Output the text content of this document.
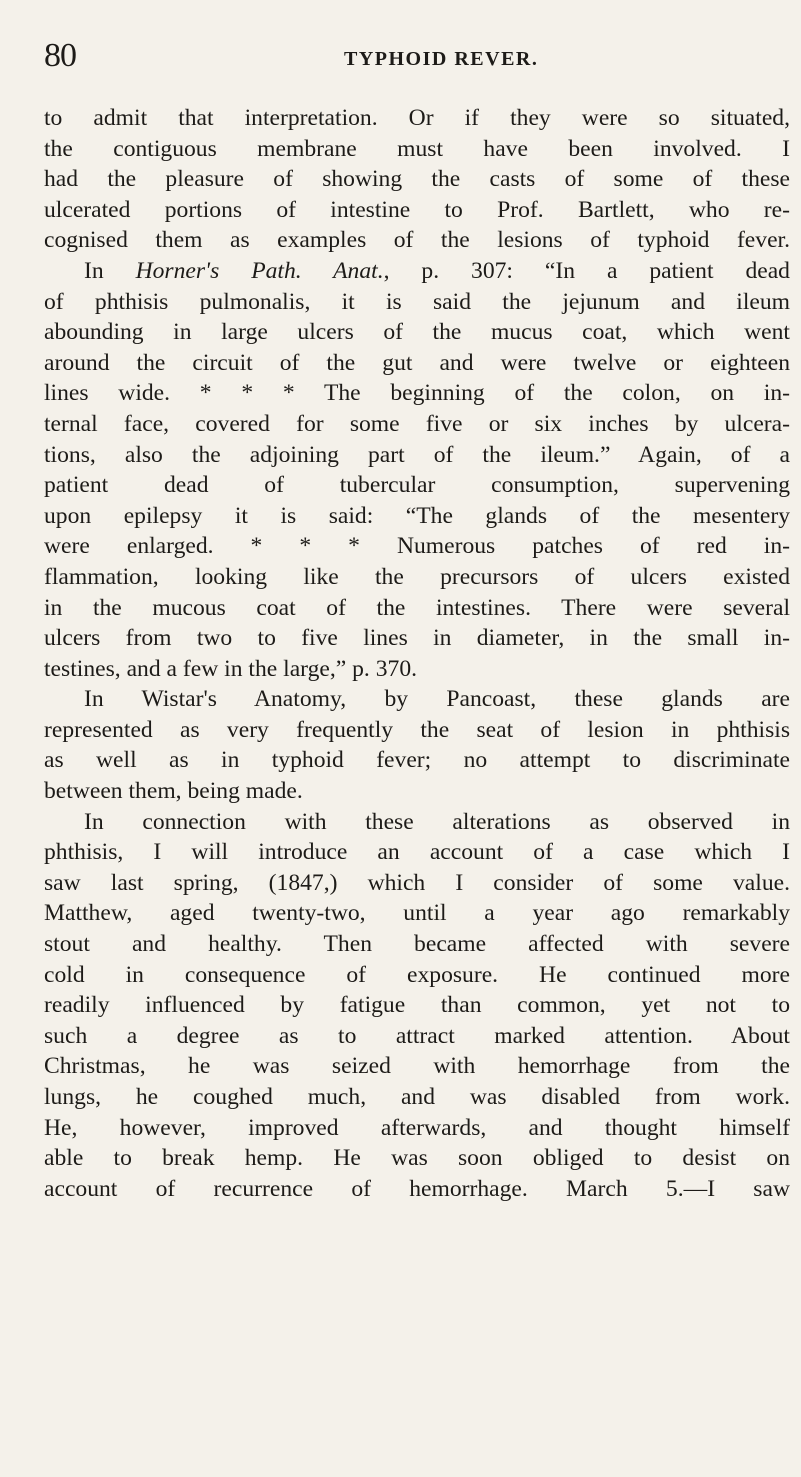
80	TYPHOID REVER.
to admit that interpretation. Or if they were so situated,
the contiguous membrane must have been involved. I
had the pleasure of showing the casts of some of these
ulcerated portions of intestine to Prof. Bartlett, who re-
cognised them as examples of the lesions of typhoid fever.
In Horner's Path. Anat., p. 307: “In a patient dead
of phthisis pulmonalis, it is said the jejunum and ileum
abounding in large ulcers of the mucus coat, which went
around the circuit of the gut and were twelve or eighteen
lines wide. * * * The beginning of the colon, on in-
ternal face, covered for some five or six inches by ulcera-
tions, also the adjoining part of the ileum.” Again, of a
patient dead of tubercular consumption, supervening
upon epilepsy it is said: “The glands of the mesentery
were enlarged. * * * Numerous patches of red in-
flammation, looking like the precursors of ulcers existed
in the mucous coat of the intestines. There were several
ulcers from two to five lines in diameter, in the small in-
testines, and a few in the large,” p. 370.
In Wistar's Anatomy, by Pancoast, these glands are
represented as very frequently the seat of lesion in phthisis
as well as in typhoid fever; no attempt to discriminate
between them, being made.
In connection with these alterations as observed in
phthisis, I will introduce an account of a case which I
saw last spring, (1847,) which I consider of some value.
Matthew, aged twenty-two, until a year ago remarkably
stout and healthy. Then became affected with severe
cold in consequence of exposure. He continued more
readily influenced by fatigue than common, yet not to
such a degree as to attract marked attention. About
Christmas, he was seized with hemorrhage from the
lungs, he coughed much, and was disabled from work.
He, however, improved afterwards, and thought himself
able to break hemp. He was soon obliged to desist on
account of recurrence of hemorrhage. March 5.—I saw
